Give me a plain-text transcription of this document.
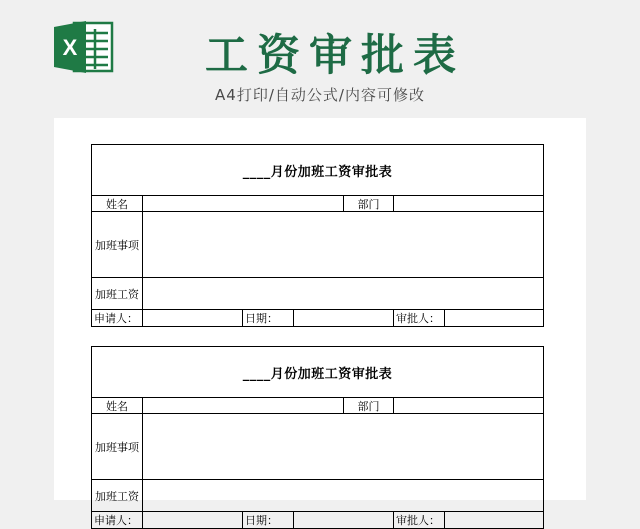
X	工资审批表
A4打印/自动公式/内容可修改
____月份加班工资审批表
姓名	部门
加班事项
加班工资
申请人：	日期：	审批人：
____月份加班工资审批表
姓名	部门
加班事项
加班工资
申请人：	日期：	审批人：
